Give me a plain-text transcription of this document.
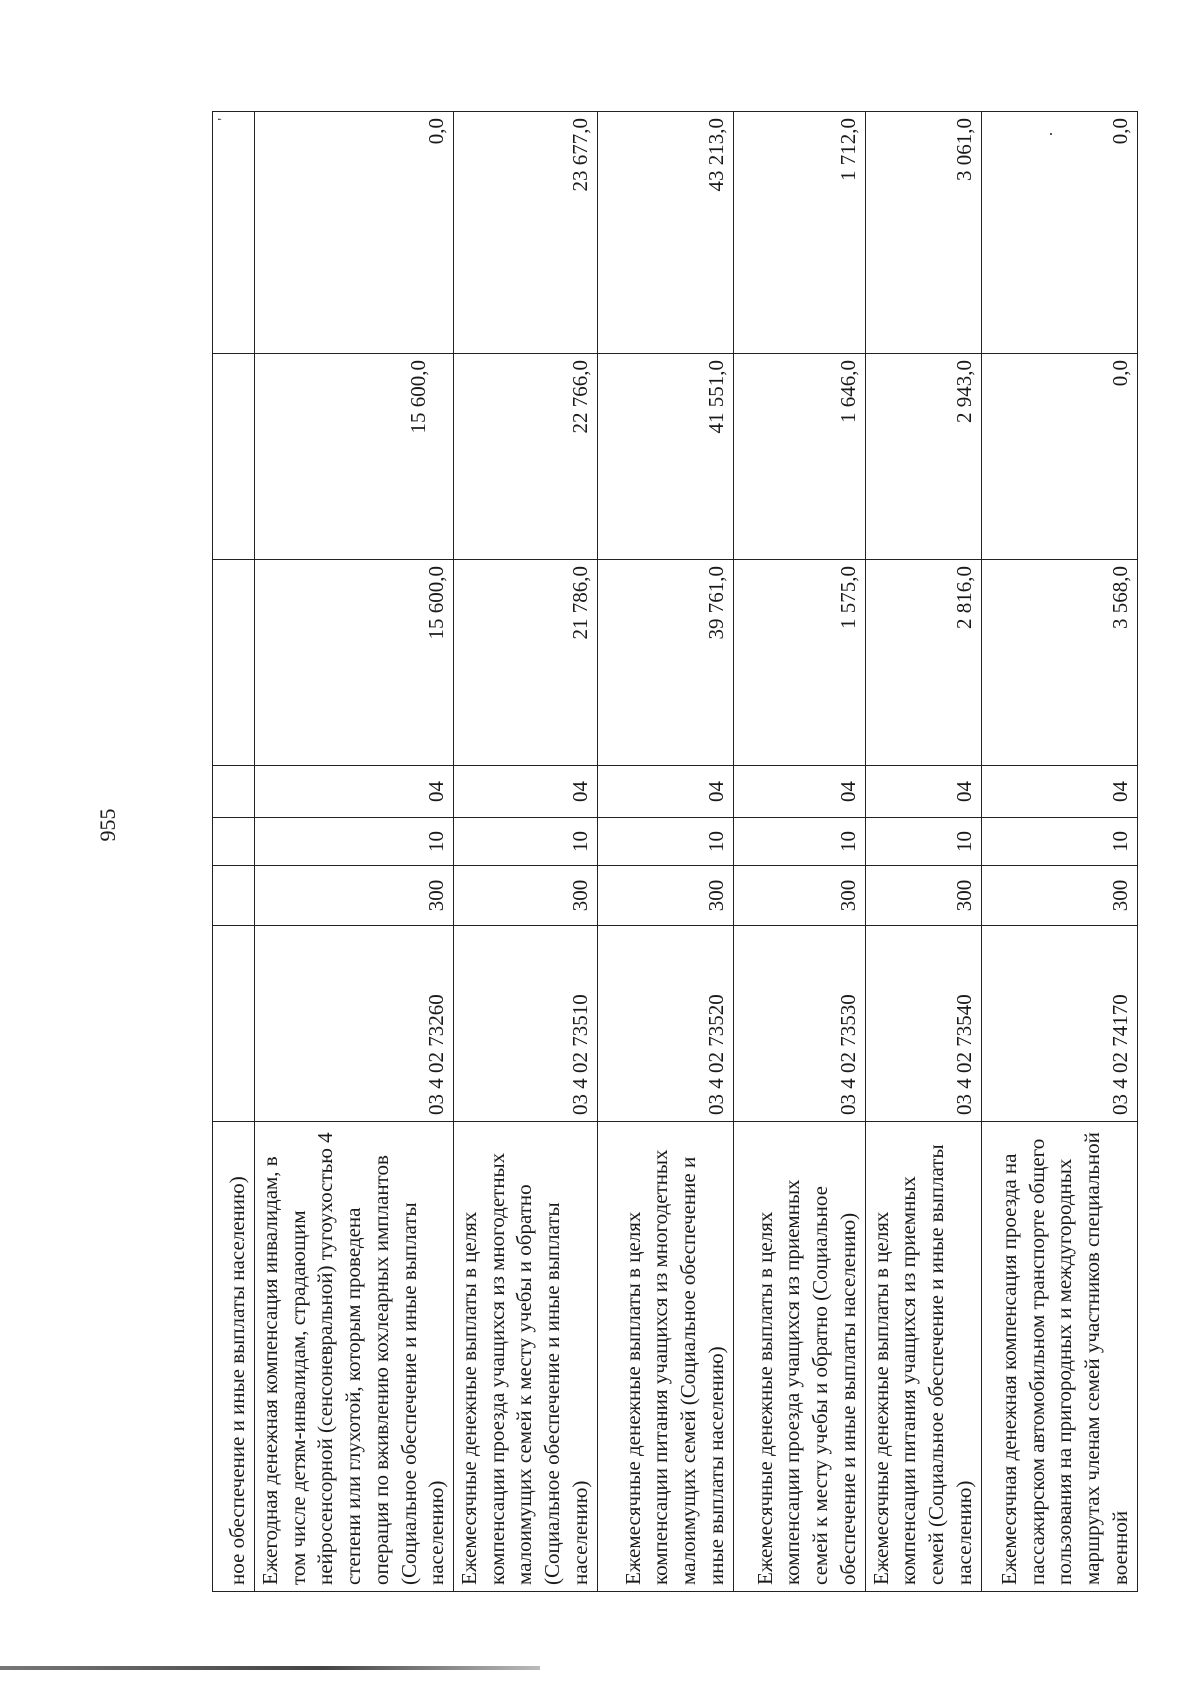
955
ное обеспечение и иные выплаты населению)							'
Ежегодная денежная компенсация инвалидам, в том числе детям-инвалидам, страдающим нейросенсорной (сенсоневральной) тугоухостью 4 степени или глухотой, которым проведена операция по вживлению кохлеарных имплантов (Социальное обеспечение и иные выплаты населению)	03 4 02 73260	300	10	04	15 600,0	15 600,0	0,0
Ежемесячные денежные выплаты в целях компенсации проезда учащихся из многодетных малоимущих семей к месту учебы и обратно (Социальное обеспечение и иные выплаты населению)	03 4 02 73510	300	10	04	21 786,0	22 766,0	23 677,0
Ежемесячные денежные выплаты в целях компенсации питания учащихся из многодетных малоимущих семей (Социальное обеспечение и иные выплаты населению)	03 4 02 73520	300	10	04	39 761,0	41 551,0	43 213,0
Ежемесячные денежные выплаты в целях компенсации проезда учащихся из приемных семей к месту учебы и обратно (Социальное обеспечение и иные выплаты населению)	03 4 02 73530	300	10	04	1 575,0	1 646,0	1 712,0
Ежемесячные денежные выплаты в целях компенсации питания учащихся из приемных семей (Социальное обеспечение и иные выплаты населению)	03 4 02 73540	300	10	04	2 816,0	2 943,0	3 061,0
Ежемесячная денежная компенсация проезда на пассажирском автомобильном транспорте общего пользования на пригородных и междугородных маршрутах членам семей участников специальной военной	03 4 02 74170	300	10	04	3 568,0	0,0	0,0
